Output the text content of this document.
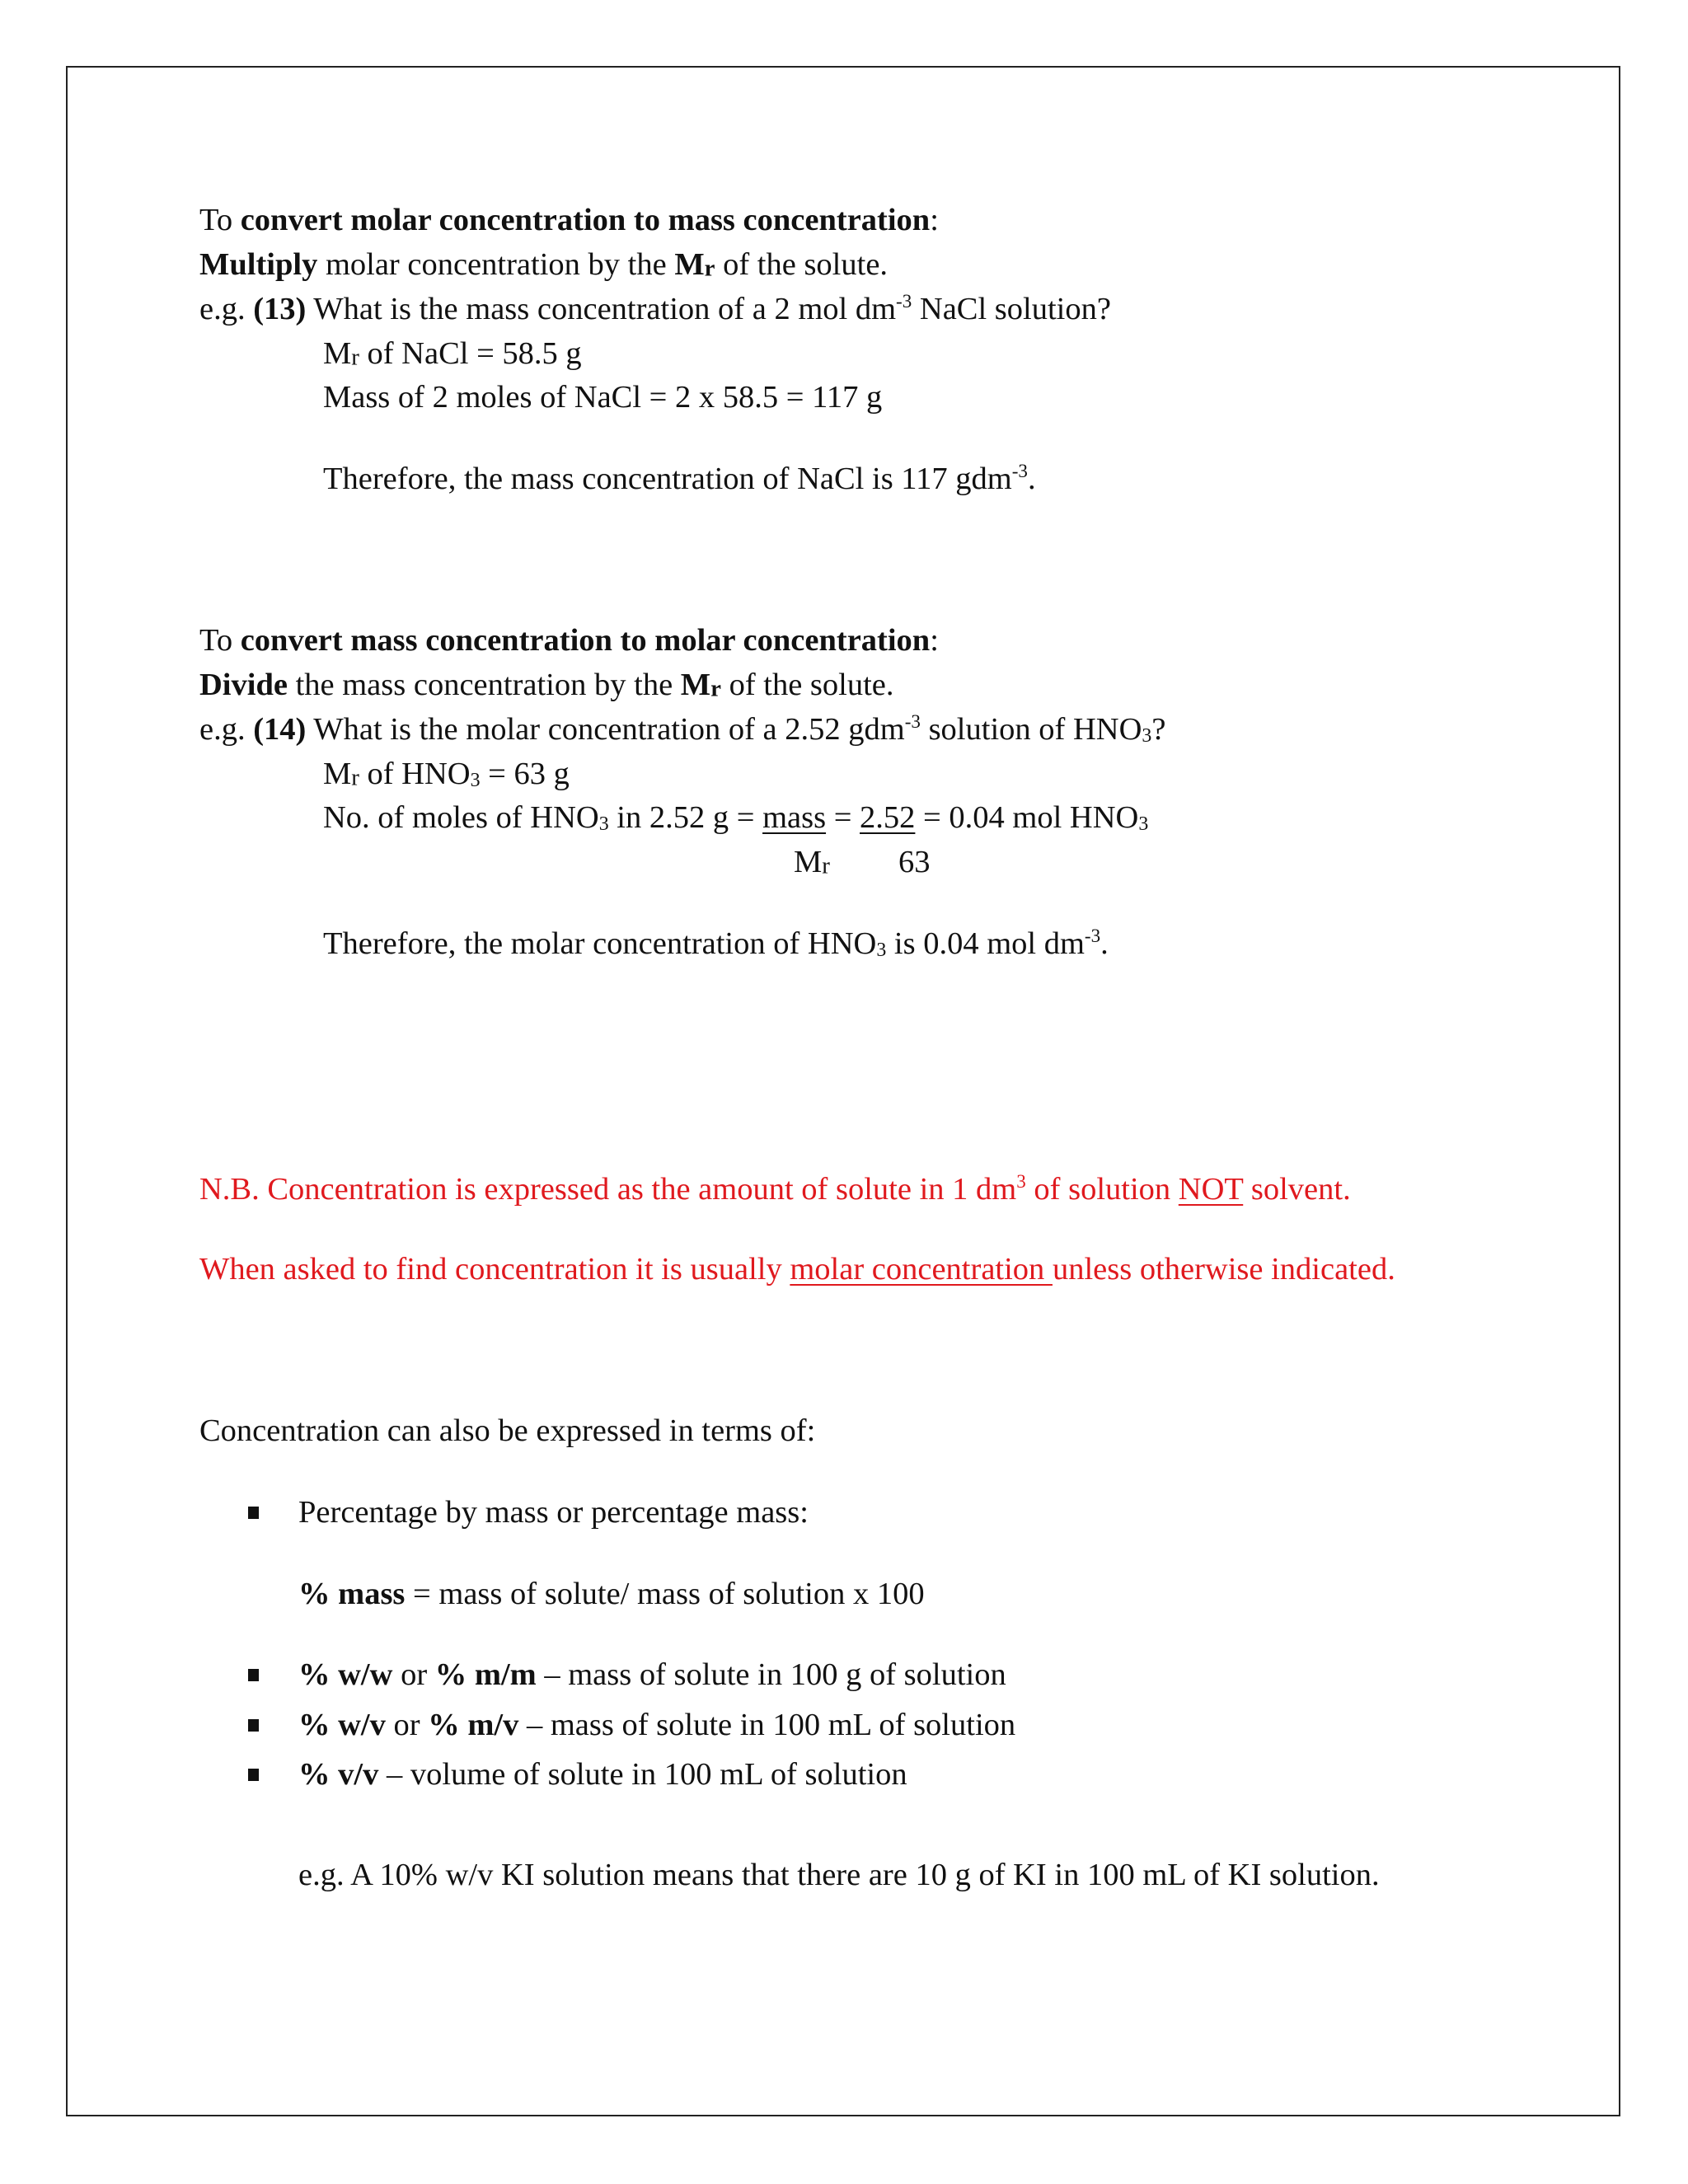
To convert molar concentration to mass concentration:
Multiply molar concentration by the $M_r$ of the solute.
e.g. (13) What is the mass concentration of a 2 mol $dm^{-3}$ NaCl solution?
$M_r$ of NaCl = 58.5 g
Mass of 2 moles of NaCl = 2 x 58.5 = 117 g
Therefore, the mass concentration of NaCl is 117 gdm$^{-3}$.
To convert mass concentration to molar concentration:
Divide the mass concentration by the $M_r$ of the solute.
e.g. (14) What is the molar concentration of a 2.52 gdm$^{-3}$ solution of $HNO_3$?
$M_r$ of $HNO_3 = 63$ g
No. of moles of $HNO_3$ in 2.52 g = mass = 2.52 = 0.04 mol $HNO_3$
$M_r$ 63
Therefore, the molar concentration of $HNO_3$ is 0.04 mol $dm^{-3}$.
N.B. Concentration is expressed as the amount of solute in 1 $dm^3$ of solution NOT solvent.
When asked to find concentration it is usually molar concentration unless otherwise indicated.
Concentration can also be expressed in terms of:
Percentage by mass or percentage mass:
% mass = mass of solute/ mass of solution x 100
% w/w or % m/m – mass of solute in 100 g of solution
% w/v or % m/v – mass of solute in 100 mL of solution
% v/v – volume of solute in 100 mL of solution
e.g. A 10% w/v KI solution means that there are 10 g of KI in 100 mL of KI solution.
